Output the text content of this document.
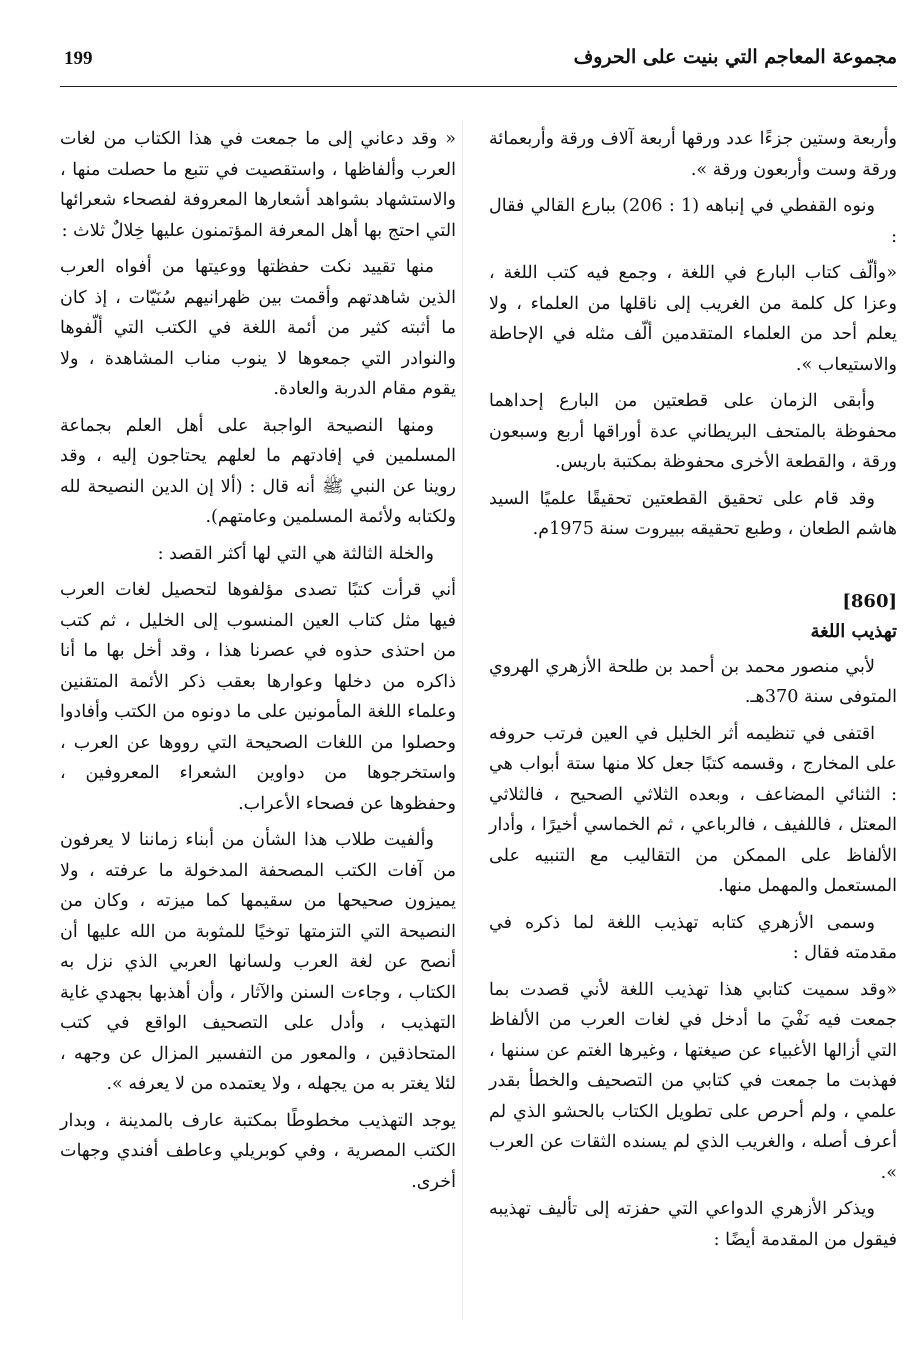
199	مجموعة المعاجم التي بنيت على الحروف

وأربعة وستين جزءًا عدد ورقها أربعة آلاف ورقة وأربعمائة ورقة وست وأربعون ورقة ».

ونوه القفطي في إنباهه (1 : 206) ببارع القالي فقال :

«وألّف كتاب البارع في اللغة ، وجمع فيه كتب اللغة ، وعزا كل كلمة من الغريب إلى ناقلها من العلماء ، ولا يعلم أحد من العلماء المتقدمين ألّف مثله في الإحاطة والاستيعاب ».

وأبقى الزمان على قطعتين من البارع إحداهما محفوظة بالمتحف البريطاني عدة أوراقها أربع وسبعون ورقة ، والقطعة الأخرى محفوظة بمكتبة باريس.

وقد قام على تحقيق القطعتين تحقيقًا علميًا السيد هاشم الطعان ، وطبع تحقيقه ببيروت سنة 1975م.

[860]
تهذيب اللغة

لأبي منصور محمد بن أحمد بن طلحة الأزهري الهروي المتوفى سنة 370هـ.

اقتفى في تنظيمه أثر الخليل في العين فرتب حروفه على المخارج ، وقسمه كتبًا جعل كلا منها ستة أبواب هي : الثنائي المضاعف ، وبعده الثلاثي الصحيح ، فالثلاثي المعتل ، فاللفيف ، فالرباعي ، ثم الخماسي أخيرًا ، وأدار الألفاظ على الممكن من التقاليب مع التنبيه على المستعمل والمهمل منها.

وسمى الأزهري كتابه تهذيب اللغة لما ذكره في مقدمته فقال :

«وقد سميت كتابي هذا تهذيب اللغة لأني قصدت بما جمعت فيه نَفْيَ ما أدخل في لغات العرب من الألفاظ التي أزالها الأغبياء عن صيغتها ، وغيرها الغتم عن سننها ، فهذبت ما جمعت في كتابي من التصحيف والخطأ بقدر علمي ، ولم أحرص على تطويل الكتاب بالحشو الذي لم أعرف أصله ، والغريب الذي لم يسنده الثقات عن العرب ».

ويذكر الأزهري الدواعي التي حفزته إلى تأليف تهذيبه فيقول من المقدمة أيضًا :

« وقد دعاني إلى ما جمعت في هذا الكتاب من لغات العرب وألفاظها ، واستقصيت في تتبع ما حصلت منها ، والاستشهاد بشواهد أشعارها المعروفة لفصحاء شعرائها التي احتج بها أهل المعرفة المؤتمنون عليها خِلالٌ ثلاث :

منها تقييد نكت حفظتها ووعيتها من أفواه العرب الذين شاهدتهم وأقمت بين ظهرانيهم سُنَيّات ، إذ كان ما أثبته كثير من أئمة اللغة في الكتب التي ألّفوها والنوادر التي جمعوها لا ينوب مناب المشاهدة ، ولا يقوم مقام الدربة والعادة.

ومنها النصيحة الواجبة على أهل العلم بجماعة المسلمين في إفادتهم ما لعلهم يحتاجون إليه ، وقد روينا عن النبي ﷺ أنه قال : (ألا إن الدين النصيحة لله ولكتابه ولأئمة المسلمين وعامتهم).

والخلة الثالثة هي التي لها أكثر القصد :

أني قرأت كتبًا تصدى مؤلفوها لتحصيل لغات العرب فيها مثل كتاب العين المنسوب إلى الخليل ، ثم كتب من احتذى حذوه في عصرنا هذا ، وقد أخل بها ما أنا ذاكره من دخلها وعوارها بعقب ذكر الأئمة المتقنين وعلماء اللغة المأمونين على ما دونوه من الكتب وأفادوا وحصلوا من اللغات الصحيحة التي رووها عن العرب ، واستخرجوها من دواوين الشعراء المعروفين ، وحفظوها عن فصحاء الأعراب.

وألفيت طلاب هذا الشأن من أبناء زماننا لا يعرفون من آفات الكتب المصحفة المدخولة ما عرفته ، ولا يميزون صحيحها من سقيمها كما ميزته ، وكان من النصيحة التي التزمتها توخيًا للمثوبة من الله عليها أن أنصح عن لغة العرب ولسانها العربي الذي نزل به الكتاب ، وجاءت السنن والآثار ، وأن أهذبها بجهدي غاية التهذيب ، وأدل على التصحيف الواقع في كتب المتحاذقين ، والمعور من التفسير المزال عن وجهه ، لئلا يغتر به من يجهله ، ولا يعتمده من لا يعرفه ».

يوجد التهذيب مخطوطًا بمكتبة عارف بالمدينة ، وبدار الكتب المصرية ، وفي كوبريلي وعاطف أفندي وجهات أخرى.
